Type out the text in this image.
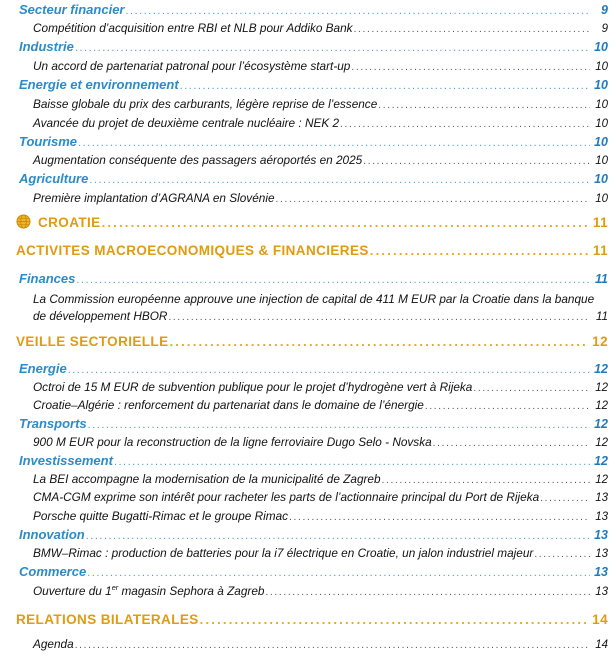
Secteur financier .....	9
Compétition d’acquisition entre RBI et NLB pour Addiko Bank .....	9
Industrie .....	10
Un accord de partenariat patronal pour l’écosystème start-up .....	10
Energie et environnement .....	10
Baisse globale du prix des carburants, légère reprise de l’essence .....	10
Avancée du projet de deuxième centrale nucléaire : NEK 2 .....	10
Tourisme .....	10
Augmentation conséquente des passagers aéroportés en 2025 .....	10
Agriculture .....	10
Première implantation d’AGRANA en Slovénie .....	10
CROATIE .....	11
ACTIVITES MACROECONOMIQUES & FINANCIERES .....	11
Finances .....	11
La Commission européenne approuve une injection de capital de 411 M EUR par la Croatie dans la banque
de développement HBOR .....	11
VEILLE SECTORIELLE .....	12
Energie .....	12
Octroi de 15 M EUR de subvention publique pour le projet d’hydrogène vert à Rijeka .....	12
Croatie–Algérie : renforcement du partenariat dans le domaine de l’énergie .....	12
Transports .....	12
900 M EUR pour la reconstruction de la ligne ferroviaire Dugo Selo - Novska .....	12
Investissement .....	12
La BEI accompagne la modernisation de la municipalité de Zagreb .....	12
CMA-CGM exprime son intérêt pour racheter les parts de l’actionnaire principal du Port de Rijeka .....	13
Porsche quitte Bugatti-Rimac et le groupe Rimac .....	13
Innovation .....	13
BMW–Rimac : production de batteries pour la i7 électrique en Croatie, un jalon industriel majeur .....	13
Commerce .....	13
Ouverture du 1er magasin Sephora à Zagreb .....	13
RELATIONS BILATERALES .....	14
Agenda .....	14
